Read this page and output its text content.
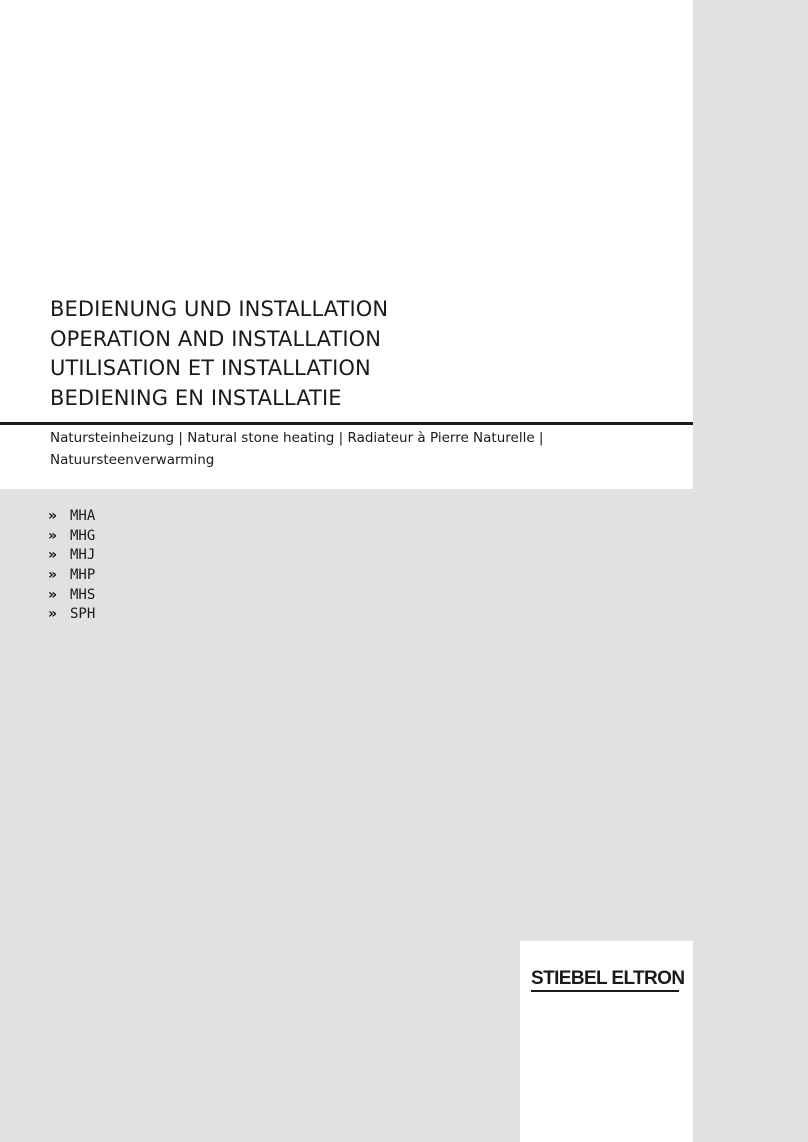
BEDIENUNG UND INSTALLATION
OPERATION AND INSTALLATION
UTILISATION ET INSTALLATION
BEDIENING EN INSTALLATIE
Natursteinheizung | Natural stone heating | Radiateur à Pierre Naturelle |
Natuursteenverwarming
» MHA
» MHG
» MHJ
» MHP
» MHS
» SPH
STIEBEL ELTRON
